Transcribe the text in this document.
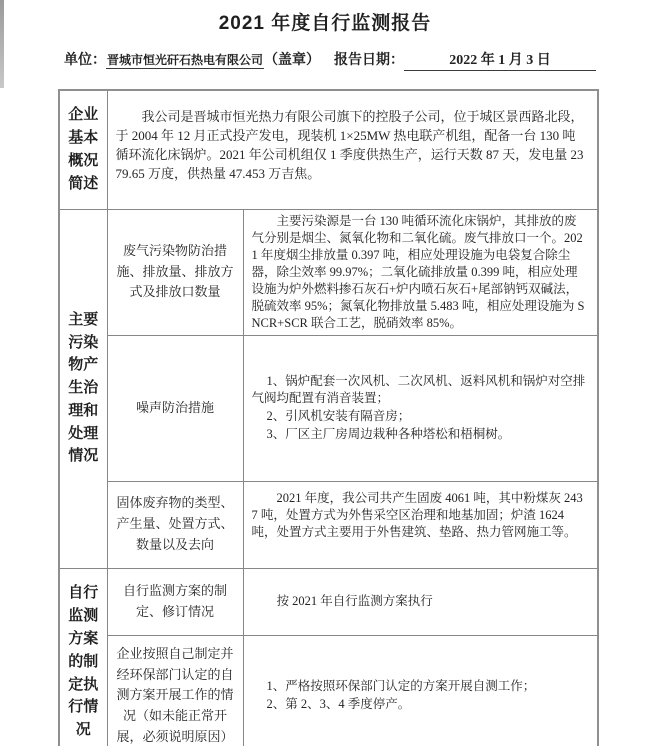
2021 年度自行监测报告
单位：晋城市恒光矸石热电有限公司（盖章） 报告日期：	2022 年 1 月 3 日
企业基本概况简述	我公司是晋城市恒光热力有限公司旗下的控股子公司，位于城区景西路北段，于 2004 年 12 月正式投产发电，现装机 1×25MW 热电联产机组，配备一台 130 吨循环流化床锅炉。2021 年公司机组仅 1 季度供热生产，运行天数 87 天，发电量 2379.65 万度，供热量 47.453 万吉焦。	
主要污染物产生治理和处理情况	废气污染物防治措施、排放量、排放方式及排放口数量	主要污染源是一台 130 吨循环流化床锅炉，其排放的废气分别是烟尘、氮氧化物和二氧化硫。废气排放口一个。2021 年度烟尘排放量 0.397 吨，相应处理设施为电袋复合除尘器，除尘效率 99.97%；二氧化硫排放量 0.399 吨，相应处理设施为炉外燃料掺石灰石+炉内喷石灰石+尾部钠钙双碱法，脱硫效率 95%；氮氧化物排放量 5.483 吨，相应处理设施为 SNCR+SCR 联合工艺，脱硝效率 85%。
	噪声防治措施	1、锅炉配套一次风机、二次风机、返料风机和锅炉对空排气阀均配置有消音装置；
2、引风机安装有隔音房；
3、厂区主厂房周边栽种各种塔松和梧桐树。

	固体废弃物的类型、产生量、处置方式、数量以及去向	2021 年度，我公司共产生固废 4061 吨，其中粉煤灰 2437 吨，处置方式为外售采空区治理和地基加固；炉渣 1624 吨，处置方式主要用于外售建筑、垫路、热力管网施工等。
自行监测方案的制定执行情况	自行监测方案的制定、修订情况	按 2021 年自行监测方案执行
	企业按照自己制定并经环保部门认定的自测方案开展工作的情况（如未能正常开展，必须说明原因）	1、严格按照环保部门认定的方案开展自测工作；
2、第 2、3、4 季度停产。
